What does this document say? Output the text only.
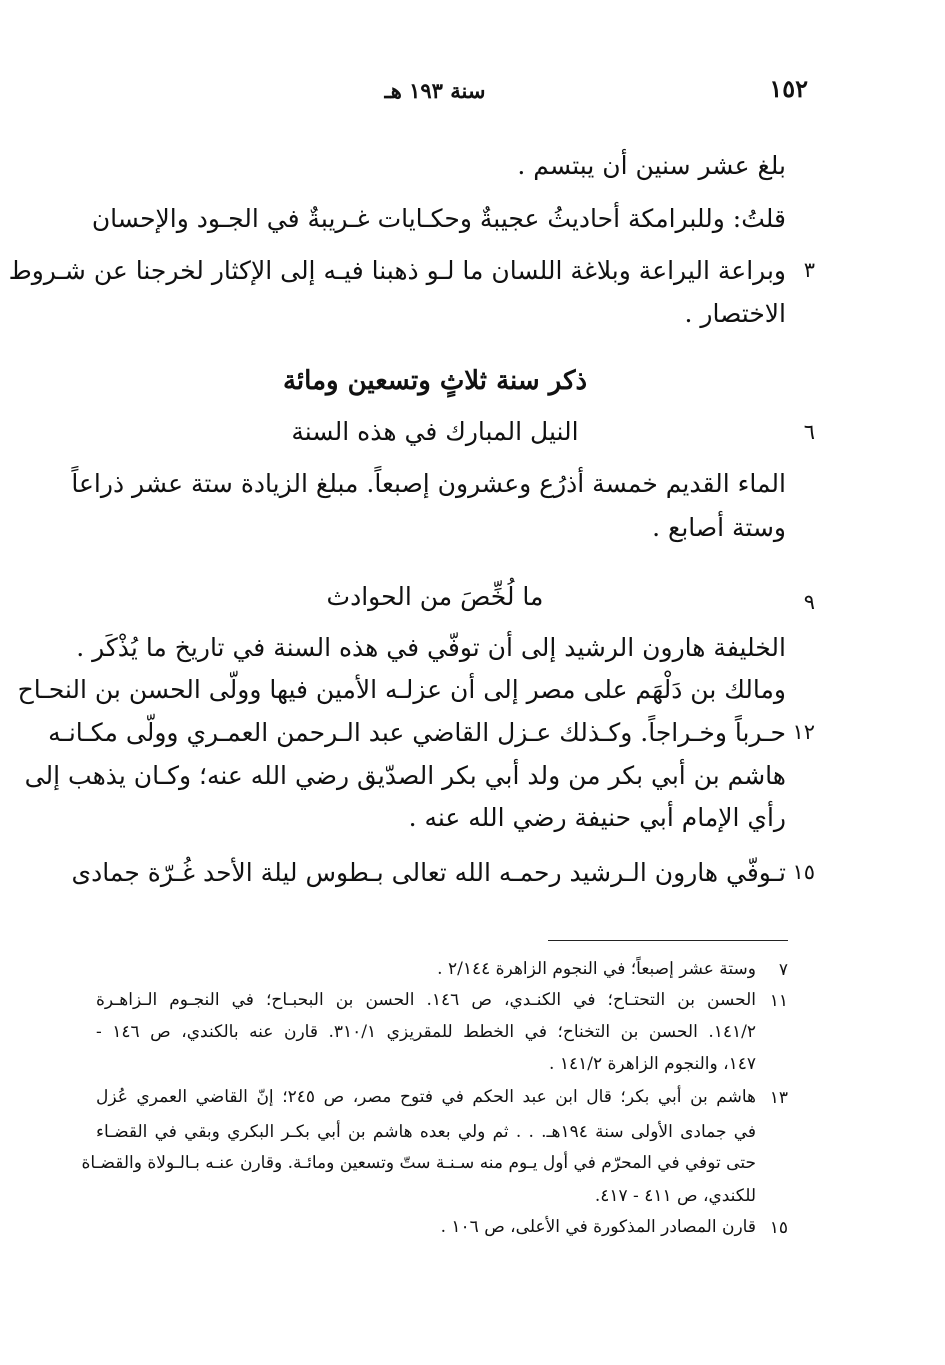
١٥٢
سنة ١٩٣ هـ
بلغ عشر سنين أن يبتسم .
قلتُ: وللبرامكة أحاديثُ عجيبةٌ وحكـايات غـريبةٌ في الجـود والإحسان
٣
وبراعة اليراعة وبلاغة اللسان ما لـو ذهبنا فيـه إلى الإكثار لخرجنا عن شـروط
الاختصار .
ذكر سنة ثلاثٍ وتسعين ومائة
٦
النيل المبارك في هذه السنة
الماء القديم خمسة أذرُع وعشرون إصبعاً. مبلغ الزيادة ستة عشر ذراعاً
وستة أصابع .
٩
ما لُخِّصَ من الحوادث
الخليفة هارون الرشيد إلى أن توفّي في هذه السنة في تاريخ ما يُذْكَر .
ومالك بن دَلْهَم على مصر إلى أن عزلـه الأمين فيها وولّى الحسن بن النحـاح
١٢
حـرباً وخـراجاً. وكـذلك عـزل القاضي عبد الـرحمن العمـري وولّى مكـانـه
هاشم بن أبي بكر من ولد أبي بكر الصدّيق رضي الله عنه؛ وكـان يذهب إلى
رأي الإمام أبي حنيفة رضي الله عنه .
١٥
تـوفّي هارون الـرشيد رحمـه الله تعالى بـطوس ليلة الأحد غُـرّة جمادى
٧
وستة عشر إصبعاً؛ في النجوم الزاهرة ٢/١٤٤ .
١١
الحسن بن التحتـاح؛ في الكنـدي، ص ١٤٦. الحسن بن البحبـاح؛ في النجـوم الـزاهـرة
١٤١/٢. الحسن بن التخناح؛ في الخطط للمقريزي ٣١٠/١. قارن عنه بالكندي، ص ١٤٦ -
١٤٧، والنجوم الزاهرة ١٤١/٢ .
١٣
هاشم بن أبي بكر؛ قال ابن عبد الحكم في فتوح مصر، ص ٢٤٥؛ إنّ القاضي العمري عُزل
في جمادى الأولى سنة ١٩٤هـ. . . ثم ولي بعده هاشم بن أبي بكـر البكري وبقي في القضـاء
حتى توفي في المحرّم في أول يـوم منه سـنـة ستّ وتسعين ومائـة. وقارن عنـه بـالـولاة والقضـاة
للكندي، ص ٤١١ - ٤١٧.
١٥
قارن المصادر المذكورة في الأعلى، ص ١٠٦ .
